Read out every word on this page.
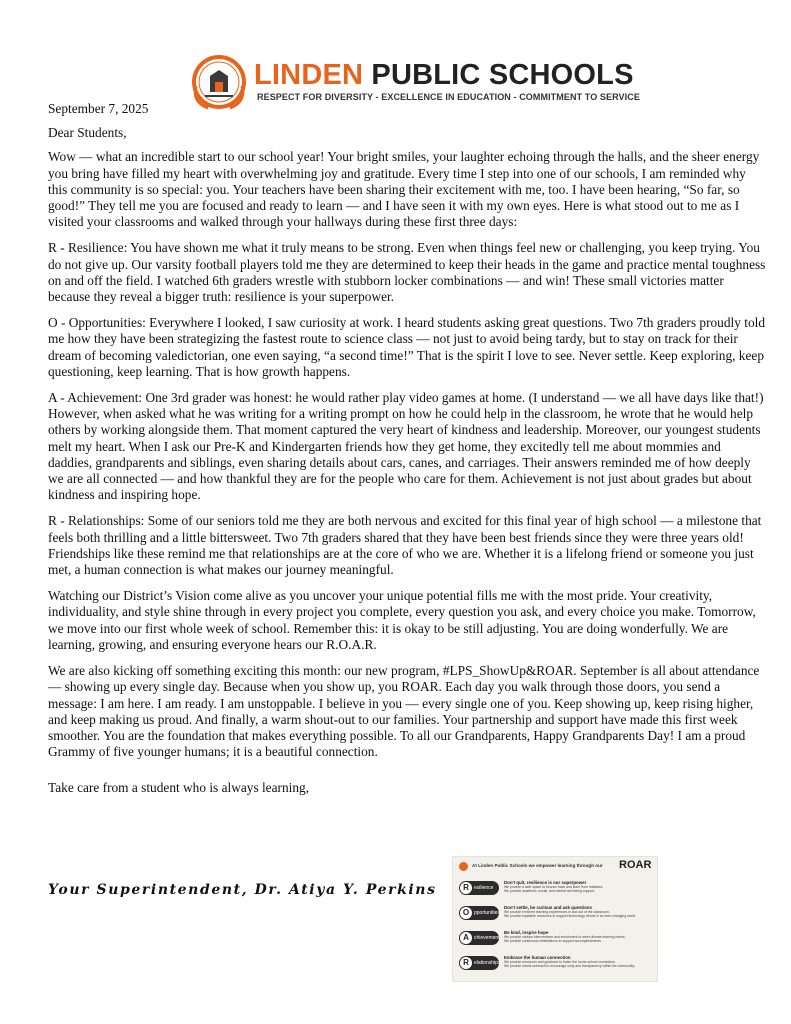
LINDEN PUBLIC SCHOOLS
RESPECT FOR DIVERSITY - EXCELLENCE IN EDUCATION - COMMITMENT TO SERVICE

September 7, 2025

Dear Students,

Wow — what an incredible start to our school year! Your bright smiles, your laughter echoing through the halls, and the sheer energy you bring have filled my heart with overwhelming joy and gratitude. Every time I step into one of our schools, I am reminded why this community is so special: you. Your teachers have been sharing their excitement with me, too. I have been hearing, “So far, so good!” They tell me you are focused and ready to learn — and I have seen it with my own eyes. Here is what stood out to me as I visited your classrooms and walked through your hallways during these first three days:

R - Resilience: You have shown me what it truly means to be strong. Even when things feel new or challenging, you keep trying. You do not give up. Our varsity football players told me they are determined to keep their heads in the game and practice mental toughness on and off the field. I watched 6th graders wrestle with stubborn locker combinations — and win! These small victories matter because they reveal a bigger truth: resilience is your superpower.

O - Opportunities: Everywhere I looked, I saw curiosity at work. I heard students asking great questions. Two 7th graders proudly told me how they have been strategizing the fastest route to science class — not just to avoid being tardy, but to stay on track for their dream of becoming valedictorian, one even saying, “a second time!” That is the spirit I love to see. Never settle. Keep exploring, keep questioning, keep learning. That is how growth happens.

A - Achievement: One 3rd grader was honest: he would rather play video games at home. (I understand — we all have days like that!) However, when asked what he was writing for a writing prompt on how he could help in the classroom, he wrote that he would help others by working alongside them. That moment captured the very heart of kindness and leadership. Moreover, our youngest students melt my heart. When I ask our Pre-K and Kindergarten friends how they get home, they excitedly tell me about mommies and daddies, grandparents and siblings, even sharing details about cars, canes, and carriages. Their answers reminded me of how deeply we are all connected — and how thankful they are for the people who care for them. Achievement is not just about grades but about kindness and inspiring hope.

R - Relationships: Some of our seniors told me they are both nervous and excited for this final year of high school — a milestone that feels both thrilling and a little bittersweet. Two 7th graders shared that they have been best friends since they were three years old! Friendships like these remind me that relationships are at the core of who we are. Whether it is a lifelong friend or someone you just met, a human connection is what makes our journey meaningful.

Watching our District’s Vision come alive as you uncover your unique potential fills me with the most pride. Your creativity, individuality, and style shine through in every project you complete, every question you ask, and every choice you make. Tomorrow, we move into our first whole week of school. Remember this: it is okay to be still adjusting. You are doing wonderfully. We are learning, growing, and ensuring everyone hears our R.O.A.R.

We are also kicking off something exciting this month: our new program, #LPS_ShowUp&ROAR. September is all about attendance — showing up every single day. Because when you show up, you ROAR. Each day you walk through those doors, you send a message: I am here. I am ready. I am unstoppable. I believe in you — every single one of you. Keep showing up, keep rising higher, and keep making us proud. And finally, a warm shout-out to our families. Your partnership and support have made this first week smoother. You are the foundation that makes everything possible. To all our Grandparents, Happy Grandparents Day! I am a proud Grammy of five younger humans; it is a beautiful connection.

Take care from a student who is always learning,

Your Superintendent, Dr. Atiya Y. Perkins
At Linden Public Schools we empower learning through our ROAR
R	esilience
Don't quit, resilience is our superpower
We provide a safe space to bounce back and learn from mistakes.
We provide academic, social, and mental well-being support.
O pportunities
Don't settle, be curious and ask questions
We provide enriched learning experiences in and out of the classroom.
We provide equitable resources to support technology trends in an ever-changing world.
A	chievement
Be kind, inspire hope
We provide various interventions and enrichment to meet diverse learning needs.
We provide continuous celebrations to support accomplishments.
R	elationships
Embrace the human connection
We provide resources and guidance to foster the home-school connection.
We provide robust outreach to encourage unity and transparency within the community.
